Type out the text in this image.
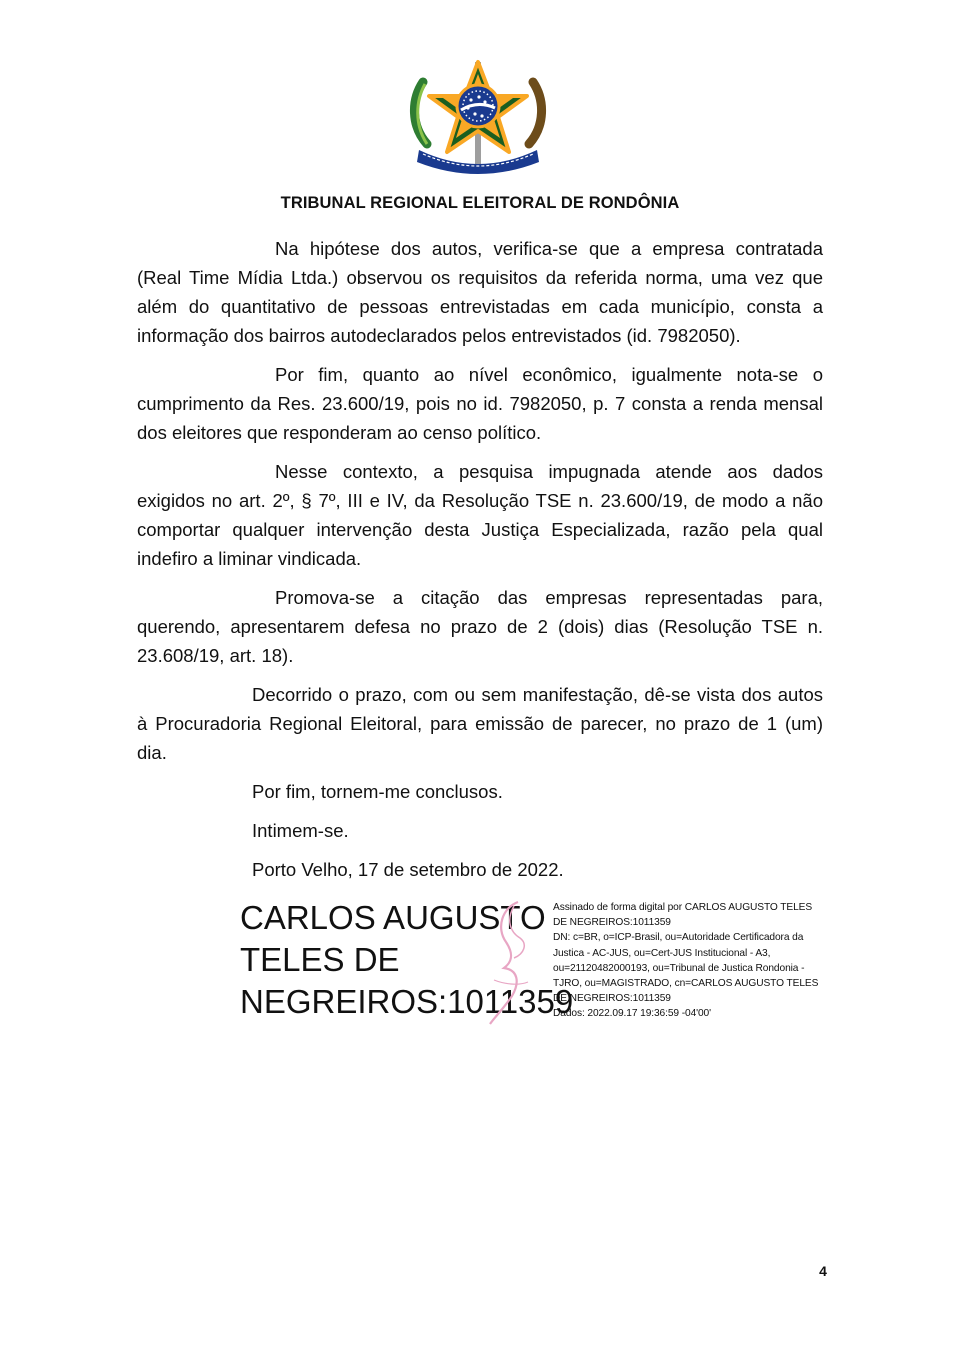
TRIBUNAL REGIONAL ELEITORAL DE RONDÔNIA

Na hipótese dos autos, verifica-se que a empresa contratada (Real Time Mídia Ltda.) observou os requisitos da referida norma, uma vez que além do quantitativo de pessoas entrevistadas em cada município, consta a informação dos bairros autodeclarados pelos entrevistados (id. 7982050).

Por fim, quanto ao nível econômico, igualmente nota-se o cumprimento da Res. 23.600/19, pois no id. 7982050, p. 7 consta a renda mensal dos eleitores que responderam ao censo político.

Nesse contexto, a pesquisa impugnada atende aos dados exigidos no art. 2º, § 7º, III e IV, da Resolução TSE n. 23.600/19, de modo a não comportar qualquer intervenção desta Justiça Especializada, razão pela qual indefiro a liminar vindicada.

Promova-se a citação das empresas representadas para, querendo, apresentarem defesa no prazo de 2 (dois) dias (Resolução TSE n. 23.608/19, art. 18).

Decorrido o prazo, com ou sem manifestação, dê-se vista dos autos à Procuradoria Regional Eleitoral, para emissão de parecer, no prazo de 1 (um) dia.

Por fim, tornem-me conclusos.

Intimem-se.

Porto Velho, 17 de setembro de 2022.

CARLOS AUGUSTO
TELES DE
NEGREIROS:1011359
Assinado de forma digital por CARLOS AUGUSTO TELES
DE NEGREIROS:1011359
DN: c=BR, o=ICP-Brasil, ou=Autoridade Certificadora da
Justica - AC-JUS, ou=Cert-JUS Institucional - A3,
ou=21120482000193, ou=Tribunal de Justica Rondonia -
TJRO, ou=MAGISTRADO, cn=CARLOS AUGUSTO TELES
DE NEGREIROS:1011359
Dados: 2022.09.17 19:36:59 -04'00'
4
